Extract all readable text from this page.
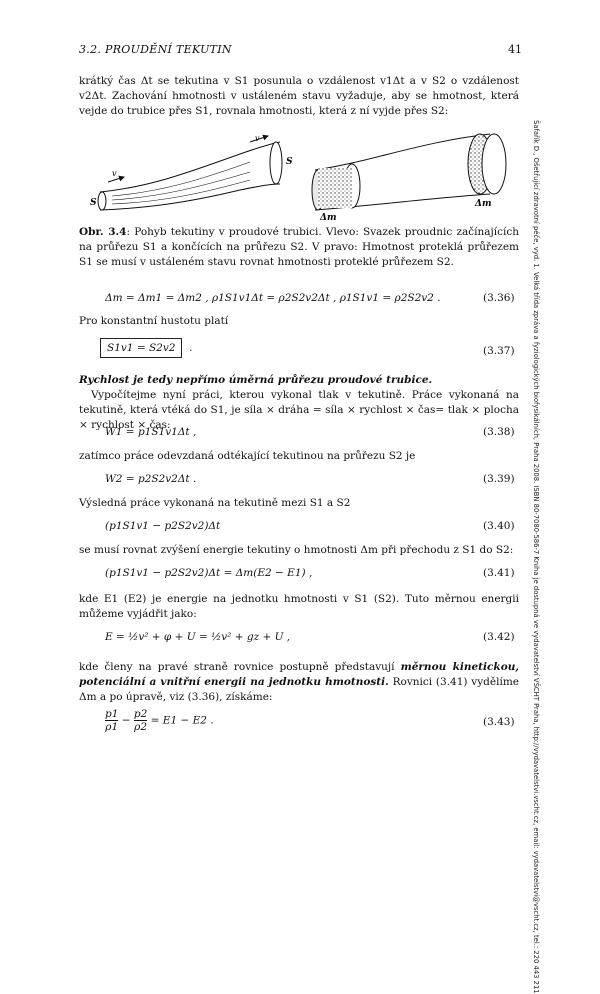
3.2. PROUDĚNÍ TEKUTIN	41
Šafařík D., Ošetřující zdravotní péče, vyd. 1. Velká třída zpráva a fyziologických biofysikálních, Praha 2008. ISBN 80-7080-586-7 Kniha je dostupná ve vydavatelství VŠCHT Praha, http://vydavatelstvi.vscht.cz, email: vydavatelstvi@vscht.cz, tel.: 220 443 211
krátký čas Δt se tekutina v S1 posunula o vzdálenost v1Δt a v S2 o vzdálenost v2Δt. Zachování hmotnosti v ustáleném stavu vyžaduje, aby se hmotnost, která vejde do trubice přes S1, rovnala hmotnosti, která z ní vyjde přes S2:
S
S
v
v
Δm
Δm
Obr. 3.4: Pohyb tekutiny v proudové trubici. Vlevo: Svazek proudnic začínajících na průřezu S1 a končících na průřezu S2. V pravo: Hmotnost proteklá průřezem S1 se musí v ustáleném stavu rovnat hmotnosti proteklé průřezem S2.
Δm = Δm1 = Δm2 , ρ1S1v1Δt = ρ2S2v2Δt , ρ1S1v1 = ρ2S2v2 .	(3.36)
Pro konstantní hustotu platí
S1v1 = S2v2  .	(3.37)
Rychlost je tedy nepřímo úměrná průřezu proudové trubice.
Vypočítejme nyní práci, kterou vykonal tlak v tekutině. Práce vykonaná na tekutině, která vtéká do S1, je síla × dráha = síla × rychlost × čas= tlak × plocha × rychlost × čas:
W1 = p1S1v1Δt ,	(3.38)
zatímco práce odevzdaná odtékající tekutinou na průřezu S2 je
W2 = p2S2v2Δt .	(3.39)
Výsledná práce vykonaná na tekutině mezi S1 a S2
(p1S1v1 − p2S2v2)Δt	(3.40)
se musí rovnat zvýšení energie tekutiny o hmotnosti Δm při přechodu z S1 do S2:
(p1S1v1 − p2S2v2)Δt = Δm(E2 − E1) ,	(3.41)
kde E1 (E2) je energie na jednotku hmotnosti v S1 (S2). Tuto měrnou energii můžeme vyjádřit jako:
E = ½v² + φ + U = ½v² + gz + U ,	(3.42)
kde členy na pravé straně rovnice postupně představují měrnou kinetickou, potenciální a vnitřní energii na jednotku hmotnosti. Rovnici (3.41) vydělíme Δm a po úpravě, viz (3.36), získáme:
$\frac{p1}{\rho 1} - \frac{p2}{\rho 2} = E1 - E2$ .	(3.43)
